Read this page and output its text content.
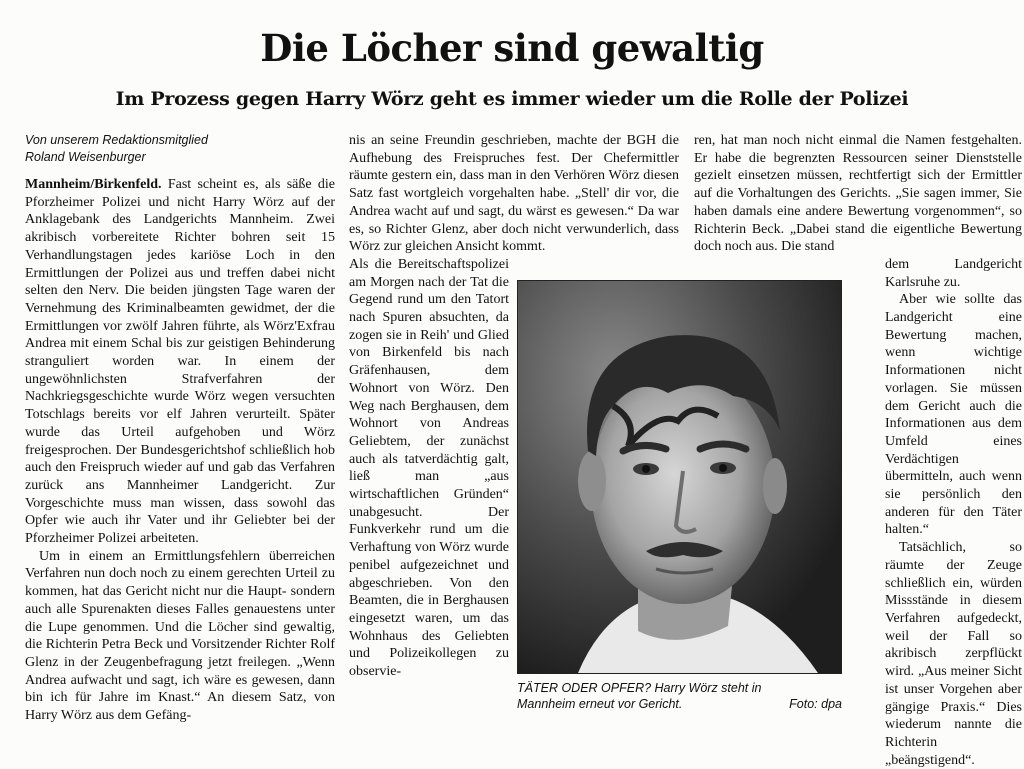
Die Löcher sind gewaltig
Im Prozess gegen Harry Wörz geht es immer wieder um die Rolle der Polizei

Von unserem Redaktionsmitglied

Roland Weisenburger

Mannheim/Birkenfeld. Fast scheint es, als säße die Pforzheimer Polizei und nicht Harry Wörz auf der Anklagebank des Landgerichts Mannheim. Zwei akribisch vorbereitete Richter bohren seit 15 Verhandlungstagen jedes kariöse Loch in den Ermittlungen der Polizei aus und treffen dabei nicht selten den Nerv. Die beiden jüngsten Tage waren der Vernehmung des Kriminalbeamten gewidmet, der die Ermittlungen vor zwölf Jahren führte, als Wörz'Exfrau Andrea mit einem Schal bis zur geistigen Behinderung stranguliert worden war. In einem der ungewöhnlichsten Strafverfahren der Nachkriegsgeschichte wurde Wörz wegen versuchten Totschlags bereits vor elf Jahren verurteilt. Später wurde das Urteil aufgehoben und Wörz freigesprochen. Der Bundesgerichtshof schließlich hob auch den Freispruch wieder auf und gab das Verfahren zurück ans Mannheimer Landgericht. Zur Vorgeschichte muss man wissen, dass sowohl das Opfer wie auch ihr Vater und ihr Geliebter bei der Pforzheimer Polizei arbeiteten.

Um in einem an Ermittlungsfehlern überreichen Verfahren nun doch noch zu einem gerechten Urteil zu kommen, hat das Gericht nicht nur die Haupt- sondern auch alle Spurenakten dieses Falles genauestens unter die Lupe genommen. Und die Löcher sind gewaltig, die Richterin Petra Beck und Vorsitzender Richter Rolf Glenz in der Zeugenbefragung jetzt freilegen. „Wenn Andrea aufwacht und sagt, ich wäre es gewesen, dann bin ich für Jahre im Knast.“ An diesem Satz, von Harry Wörz aus dem Gefäng-

nis an seine Freundin geschrieben, machte der BGH die Aufhebung des Freispruches fest. Der Chefermittler räumte gestern ein, dass man in den Verhören Wörz diesen Satz fast wortgleich vorgehalten habe. „Stell' dir vor, die Andrea wacht auf und sagt, du wärst es gewesen.“ Da war es, so Richter Glenz, aber doch nicht verwunderlich, dass Wörz zur gleichen Ansicht kommt.

Als die Bereitschaftspolizei am Morgen nach der Tat die Gegend rund um den Tatort nach Spuren absuchten, da zogen sie in Reih' und Glied von Birkenfeld bis nach Gräfenhausen, dem Wohnort von Wörz. Den Weg nach Berghausen, dem Wohnort von Andreas Geliebtem, der zunächst auch als tatverdächtig galt, ließ man „aus wirtschaftlichen Gründen“ unabgesucht. Der Funkverkehr rund um die Verhaftung von Wörz wurde penibel aufgezeichnet und abgeschrieben. Von den Beamten, die in Berghausen eingesetzt waren, um das Wohnhaus des Geliebten und Polizeikollegen zu observie-

ren, hat man noch nicht einmal die Namen festgehalten. Er habe die begrenzten Ressourcen seiner Dienststelle gezielt einsetzen müssen, rechtfertigt sich der Ermittler auf die Vorhaltungen des Gerichts. „Sie sagen immer, Sie haben damals eine andere Bewertung vorgenommen“, so Richterin Beck. „Dabei stand die eigentliche Bewertung doch noch aus. Die stand

dem Landgericht Karlsruhe zu.

Aber wie sollte das Landgericht eine Bewertung machen, wenn wichtige Informationen nicht vorlagen. Sie müssen dem Gericht auch die Informationen aus dem Umfeld eines Verdächtigen übermitteln, auch wenn sie persönlich den anderen für den Täter halten.“

Tatsächlich, so räumte der Zeuge schließlich ein, würden Missstände in diesem Verfahren aufgedeckt, weil der Fall so akribisch zerpflückt wird. „Aus meiner Sicht ist unser Vorgehen aber gängige Praxis.“ Dies wiederum nannte die Richterin „beängstigend“.

TÄTER ODER OPFER? Harry Wörz steht in
Mannheim erneut vor Gericht.	Foto: dpa
